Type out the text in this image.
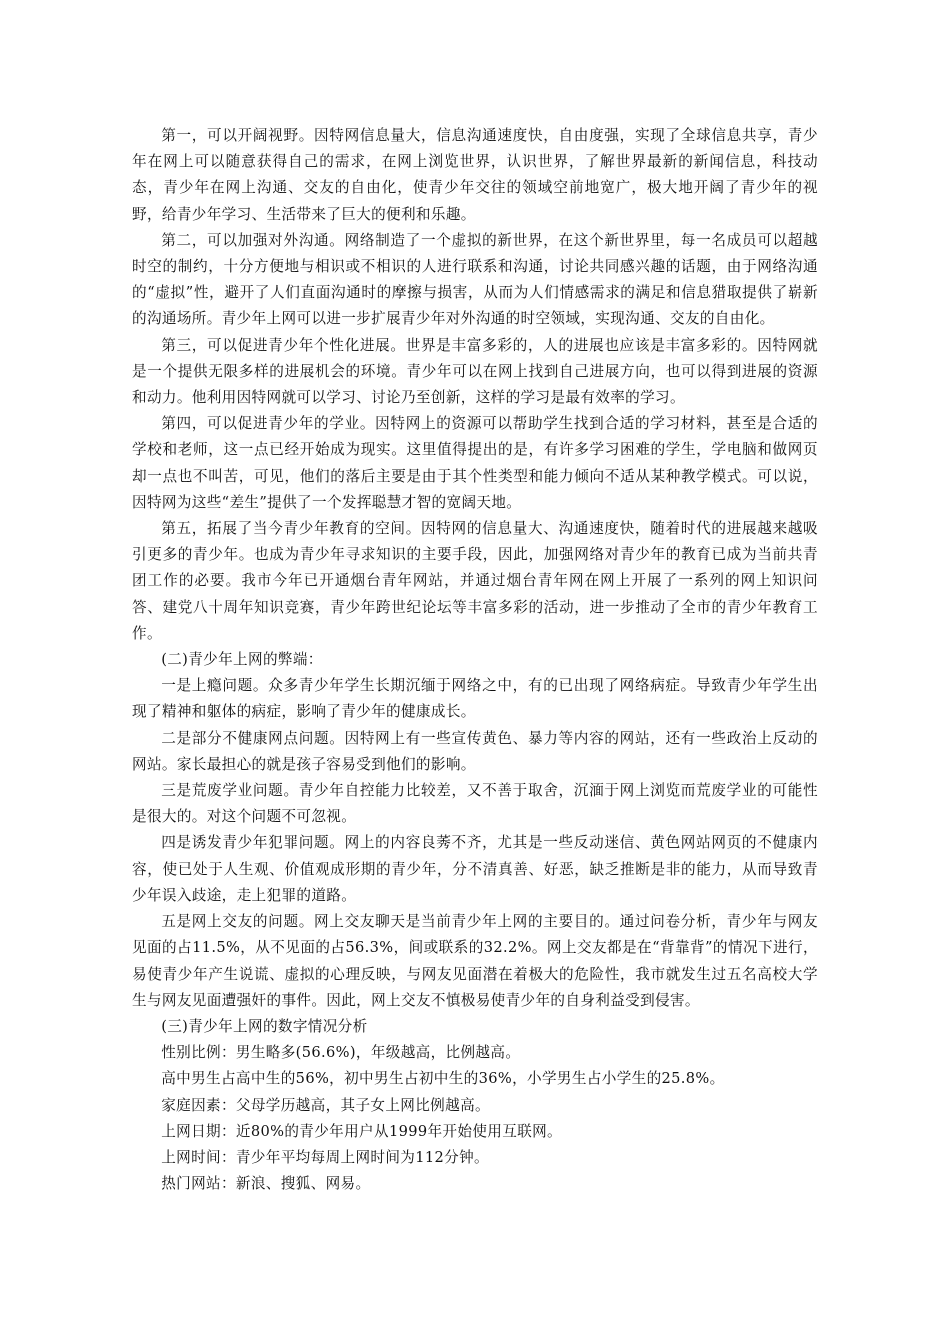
第一，可以开阔视野。因特网信息量大，信息沟通速度快，自由度强，实现了全球信息共享，青少年在网上可以随意获得自己的需求，在网上浏览世界，认识世界，了解世界最新的新闻信息，科技动态，青少年在网上沟通、交友的自由化，使青少年交往的领域空前地宽广，极大地开阔了青少年的视野，给青少年学习、生活带来了巨大的便利和乐趣。

第二，可以加强对外沟通。网络制造了一个虚拟的新世界，在这个新世界里，每一名成员可以超越时空的制约，十分方便地与相识或不相识的人进行联系和沟通，讨论共同感兴趣的话题，由于网络沟通的“虚拟”性，避开了人们直面沟通时的摩擦与损害，从而为人们情感需求的满足和信息猎取提供了崭新的沟通场所。青少年上网可以进一步扩展青少年对外沟通的时空领域，实现沟通、交友的自由化。

第三，可以促进青少年个性化进展。世界是丰富多彩的，人的进展也应该是丰富多彩的。因特网就是一个提供无限多样的进展机会的环境。青少年可以在网上找到自己进展方向，也可以得到进展的资源和动力。他利用因特网就可以学习、讨论乃至创新，这样的学习是最有效率的学习。

第四，可以促进青少年的学业。因特网上的资源可以帮助学生找到合适的学习材料，甚至是合适的学校和老师，这一点已经开始成为现实。这里值得提出的是，有许多学习困难的学生，学电脑和做网页却一点也不叫苦，可见，他们的落后主要是由于其个性类型和能力倾向不适从某种教学模式。可以说，因特网为这些“差生”提供了一个发挥聪慧才智的宽阔天地。

第五，拓展了当今青少年教育的空间。因特网的信息量大、沟通速度快，随着时代的进展越来越吸引更多的青少年。也成为青少年寻求知识的主要手段，因此，加强网络对青少年的教育已成为当前共青团工作的必要。我市今年已开通烟台青年网站，并通过烟台青年网在网上开展了一系列的网上知识问答、建党八十周年知识竞赛，青少年跨世纪论坛等丰富多彩的活动，进一步推动了全市的青少年教育工作。

(二)青少年上网的弊端：

一是上瘾问题。众多青少年学生长期沉缅于网络之中，有的已出现了网络病症。导致青少年学生出现了精神和躯体的病症，影响了青少年的健康成长。

二是部分不健康网点问题。因特网上有一些宣传黄色、暴力等内容的网站，还有一些政治上反动的网站。家长最担心的就是孩子容易受到他们的影响。

三是荒废学业问题。青少年自控能力比较差，又不善于取舍，沉湎于网上浏览而荒废学业的可能性是很大的。对这个问题不可忽视。

四是诱发青少年犯罪问题。网上的内容良莠不齐，尤其是一些反动迷信、黄色网站网页的不健康内容，使已处于人生观、价值观成形期的青少年，分不清真善、好恶，缺乏推断是非的能力，从而导致青少年误入歧途，走上犯罪的道路。

五是网上交友的问题。网上交友聊天是当前青少年上网的主要目的。通过问卷分析，青少年与网友见面的占11.5%，从不见面的占56.3%，间或联系的32.2%。网上交友都是在“背靠背”的情况下进行，易使青少年产生说谎、虚拟的心理反映，与网友见面潜在着极大的危险性，我市就发生过五名高校大学生与网友见面遭强奸的事件。因此，网上交友不慎极易使青少年的自身利益受到侵害。

(三)青少年上网的数字情况分析

性别比例：男生略多(56.6%)，年级越高，比例越高。

高中男生占高中生的56%，初中男生占初中生的36%，小学男生占小学生的25.8%。

家庭因素：父母学历越高，其子女上网比例越高。

上网日期：近80%的青少年用户从1999年开始使用互联网。

上网时间：青少年平均每周上网时间为112分钟。

热门网站：新浪、搜狐、网易。
